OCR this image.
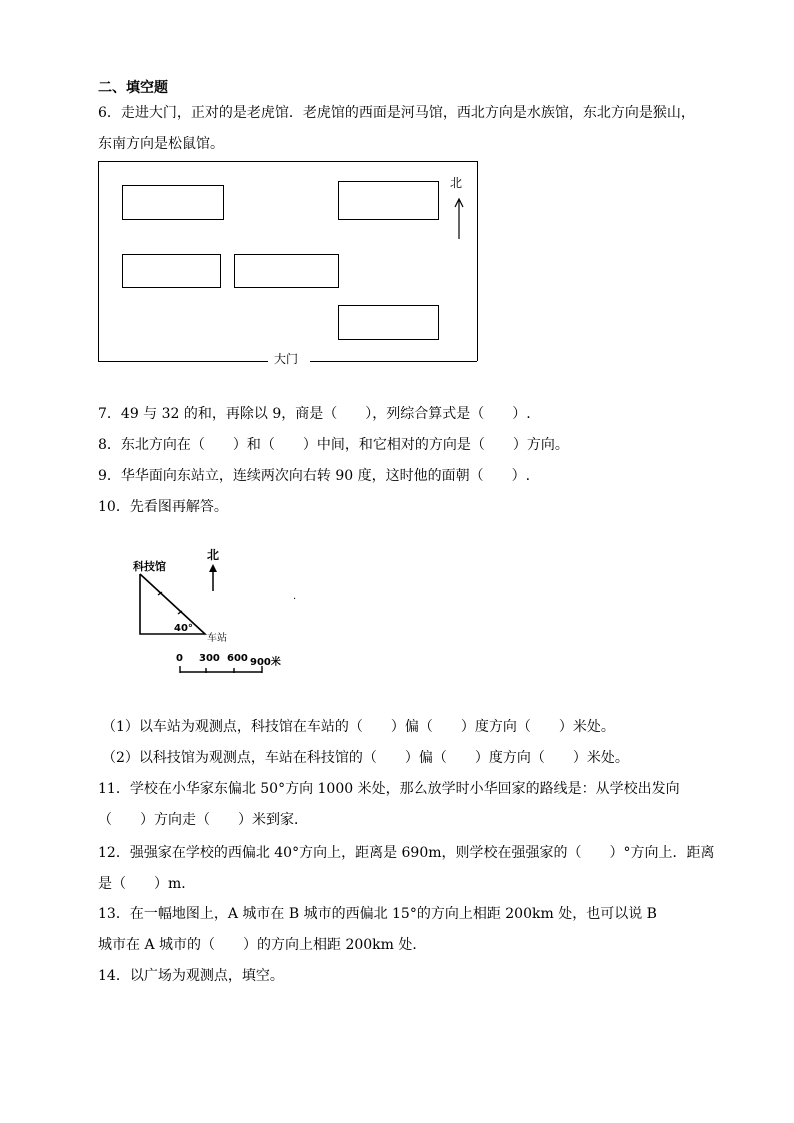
二、填空题
6．走进大门，正对的是老虎馆．老虎馆的西面是河马馆，西北方向是水族馆，东北方向是猴山，
东南方向是松鼠馆。
大门
北
7．49 与 32 的和，再除以 9，商是（　　），列综合算式是（　　）.
8．东北方向在（　　）和（　　）中间，和它相对的方向是（　　）方向。
9．华华面向东站立，连续两次向右转 90 度，这时他的面朝（　　）.
10．先看图再解答。
科技馆
北
40°
车站
.
0 300 600 900米
（1）以车站为观测点，科技馆在车站的（　　）偏（　　）度方向（　　）米处。
（2）以科技馆为观测点，车站在科技馆的（　　）偏（　　）度方向（　　）米处。
11．学校在小华家东偏北 50°方向 1000 米处，那么放学时小华回家的路线是：从学校出发向
（　　）方向走（　　）米到家．
12．强强家在学校的西偏北 40°方向上，距离是 690m，则学校在强强家的（　　）°方向上．距离
是（　　）m．
13．在一幅地图上，A 城市在 B 城市的西偏北 15°的方向上相距 200km 处，也可以说 B
城市在 A 城市的（　　）的方向上相距 200km 处．
14．以广场为观测点，填空。
